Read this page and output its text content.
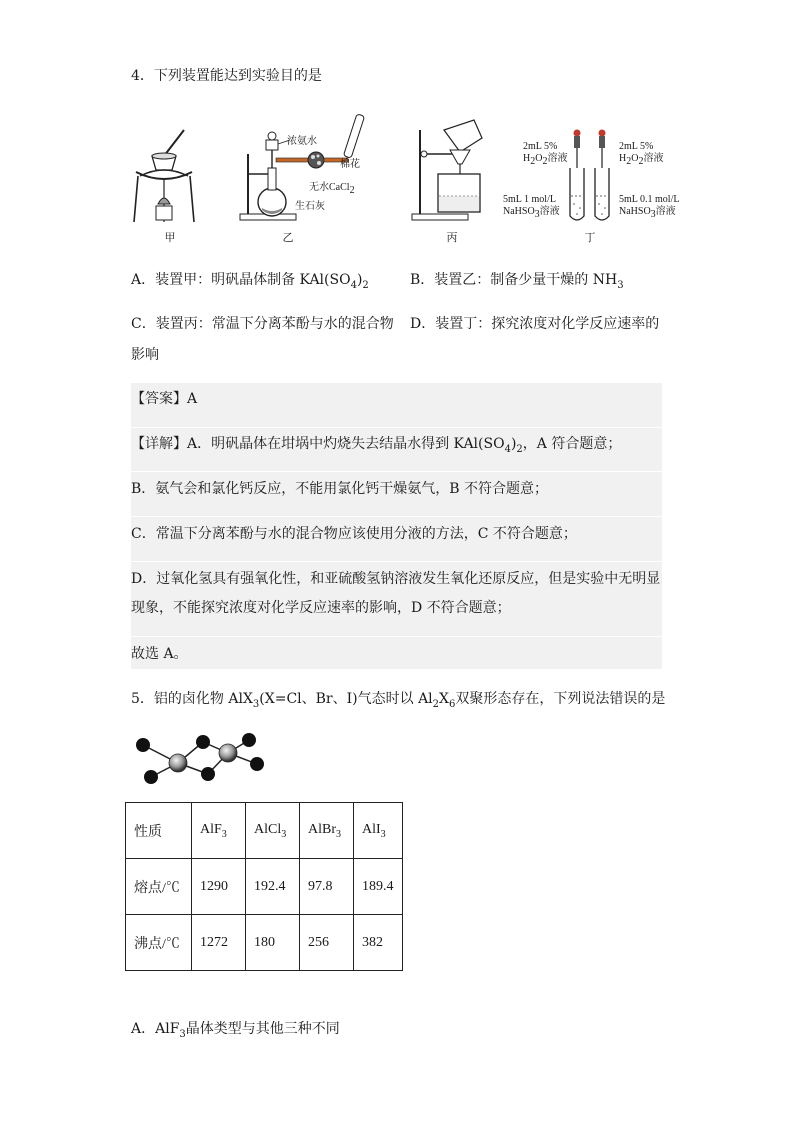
4．下列装置能达到实验目的是
甲
浓氨水
棉花
无水CaCl$_2$
生石灰
乙	丙
2mL 5%
$H_2O_2$溶液
2mL 5%
$H_2O_2$溶液
5mL 1 mol/L
NaHSO$_3$溶液
5mL 0.1 mol/L
NaHSO$_3$溶液
丁
A．装置甲：明矾晶体制备 $KAl(SO_4)_2$	B．装置乙：制备少量干燥的 $NH_3$
C．装置丙：常温下分离苯酚与水的混合物 D．装置丁：探究浓度对化学反应速率的
影响
【答案】A
【详解】A．明矾晶体在坩埚中灼烧失去结晶水得到 $KAl(SO_4)_2$，A 符合题意；
B．氨气会和氯化钙反应，不能用氯化钙干燥氨气，B 不符合题意；
C．常温下分离苯酚与水的混合物应该使用分液的方法，C 不符合题意；
D．过氧化氢具有强氧化性，和亚硫酸氢钠溶液发生氧化还原反应，但是实验中无明显
现象，不能探究浓度对化学反应速率的影响，D 不符合题意；
故选 A。
5．铝的卤化物 AlX$_3$(X=Cl、Br、I)气态时以 $Al_2X_6$双聚形态存在，下列说法错误的是
性质	AlF$_3$	AlCl$_3$	AlBr$_3$	AlI$_3$
熔点/℃	1290	192.4	97.8	189.4
沸点/℃	1272	180	256	382
A．AlF$_3$晶体类型与其他三种不同
